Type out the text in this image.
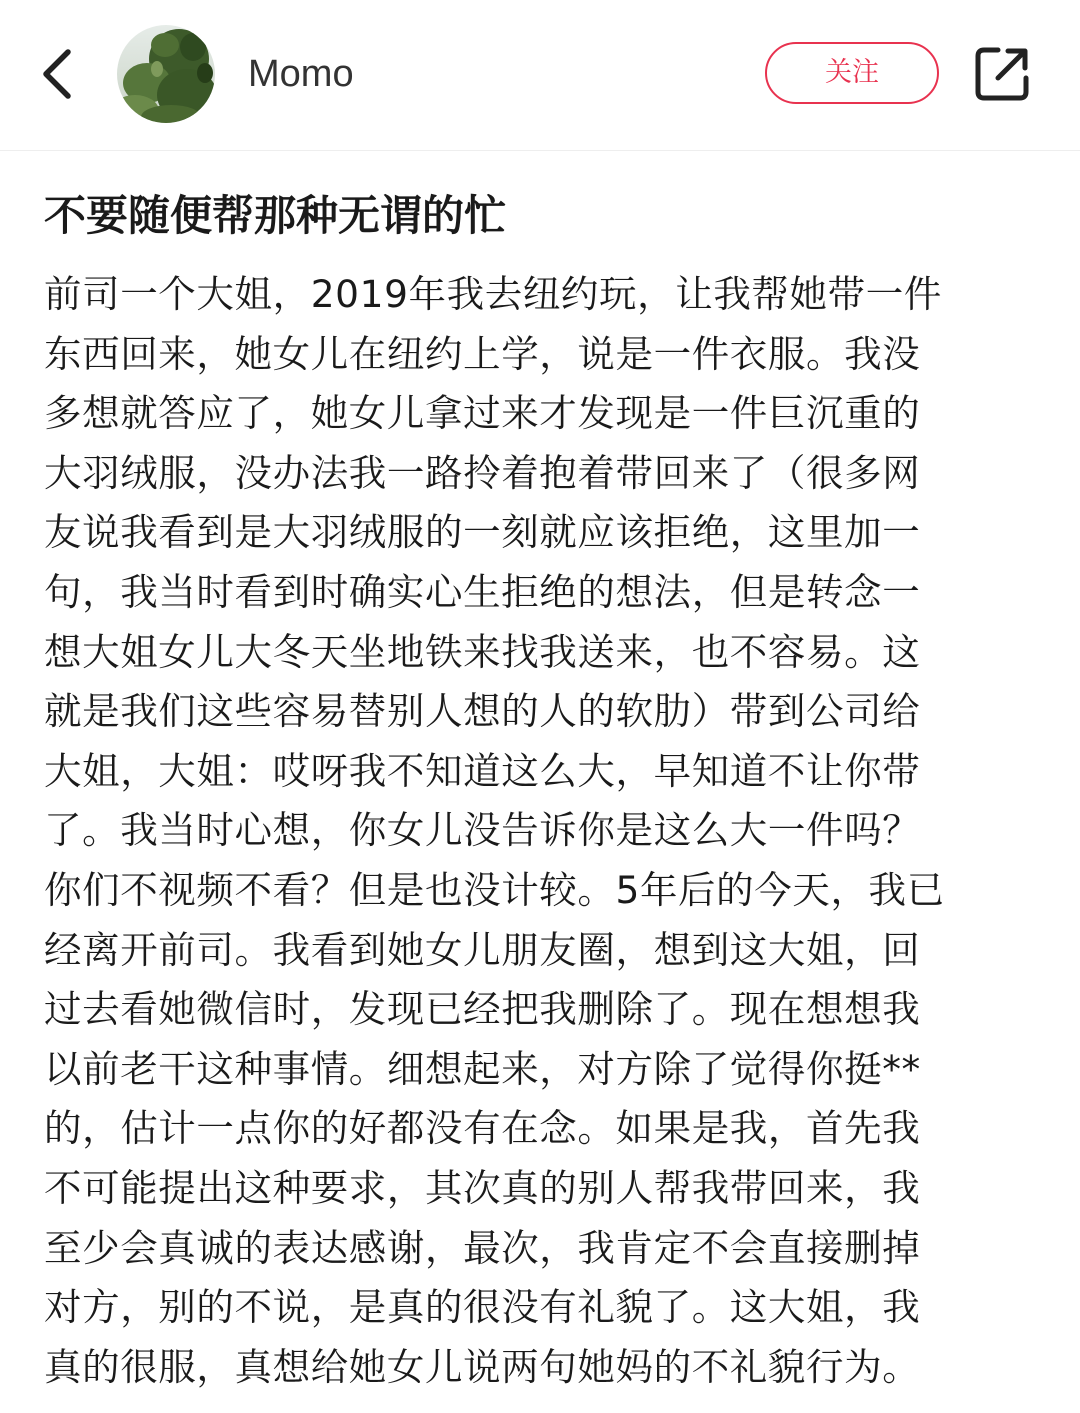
Momo	关注
不要随便帮那种无谓的忙

前司一个大姐，2019年我去纽约玩，让我帮她带一件
东西回来，她女儿在纽约上学，说是一件衣服。我没
多想就答应了，她女儿拿过来才发现是一件巨沉重的
大羽绒服，没办法我一路拎着抱着带回来了（很多网
友说我看到是大羽绒服的一刻就应该拒绝，这里加一
句，我当时看到时确实心生拒绝的想法，但是转念一
想大姐女儿大冬天坐地铁来找我送来，也不容易。这
就是我们这些容易替别人想的人的软肋）带到公司给
大姐，大姐：哎呀我不知道这么大，早知道不让你带
了。我当时心想，你女儿没告诉你是这么大一件吗？
你们不视频不看？但是也没计较。5年后的今天，我已
经离开前司。我看到她女儿朋友圈，想到这大姐，回
过去看她微信时，发现已经把我删除了。现在想想我
以前老干这种事情。细想起来，对方除了觉得你挺**
的，估计一点你的好都没有在念。如果是我，首先我
不可能提出这种要求，其次真的别人帮我带回来，我
至少会真诚的表达感谢，最次，我肯定不会直接删掉
对方，别的不说，是真的很没有礼貌了。这大姐，我
真的很服，真想给她女儿说两句她妈的不礼貌行为。
